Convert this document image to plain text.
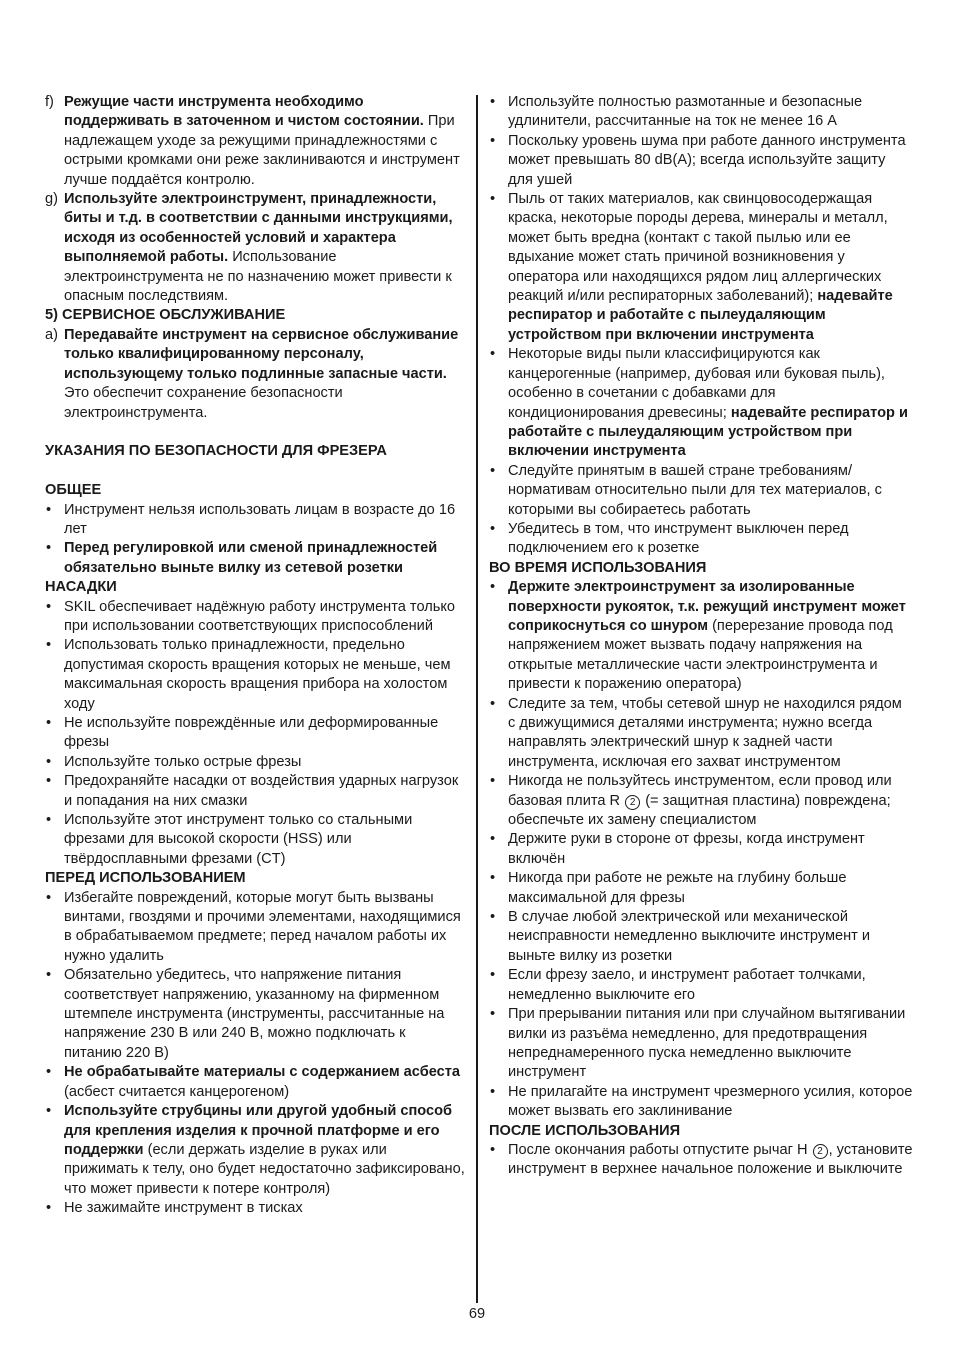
f) Режущие части инструмента необходимо поддерживать в заточенном и чистом состоянии. При надлежащем уходе за режущими принадлежностями с острыми кромками они реже заклиниваются и инструмент лучше поддаётся контролю.
g) Используйте электроинструмент, принадлежности, биты и т.д. в соответствии с данными инструкциями, исходя из особенностей условий и характера выполняемой работы. Использование электроинструмента не по назначению может привести к опасным последствиям.
5) СЕРВИСНОЕ ОБСЛУЖИВАНИЕ
a) Передавайте инструмент на сервисное обслуживание только квалифицированному персоналу, использующему только подлинные запасные части. Это обеспечит сохранение безопасности электроинструмента.
УКАЗАНИЯ ПО БЕЗОПАСНОСТИ ДЛЯ ФРЕЗЕРА
ОБЩЕЕ
• Инструмент нельзя использовать лицам в возрасте до 16 лет
• Перед регулировкой или сменой принадлежностей обязательно выньте вилку из сетевой розетки
НАСАДКИ
• SKIL обеспечивает надёжную работу инструмента только при использовании соответствующих приспособлений
• Использовать только принадлежности, предельно допустимая скорость вращения которых не меньше, чем максимальная скорость вращения прибора на холостом ходу
• Не используйте повреждённые или деформированные фрезы
• Используйте только острые фрезы
• Предохраняйте насадки от воздействия ударных нагрузок и попадания на них смазки
• Используйте этот инструмент только со стальными фрезами для высокой скорости (HSS) или твёрдосплавными фрезами (CT)
ПЕРЕД ИСПОЛЬЗОВАНИЕМ
• Избегайте повреждений, которые могут быть вызваны винтами, гвоздями и прочими элементами, находящимися в обрабатываемом предмете; перед началом работы их нужно удалить
• Обязательно убедитесь, что напряжение питания соответствует напряжению, указанному на фирменном штемпеле инструмента (инструменты, рассчитанные на напряжение 230 В или 240 В, можно подключать к питанию 220 В)
• Не обрабатывайте материалы с содержанием асбеста (асбест считается канцерогеном)
• Используйте струбцины или другой удобный способ для крепления изделия к прочной платформе и его поддержки (если держать изделие в руках или прижимать к телу, оно будет недостаточно зафиксировано, что может привести к потере контроля)
• Не зажимайте инструмент в тисках
• Используйте полностью размотанные и безопасные удлинители, рассчитанные на ток не менее 16 A
• Поскольку уровень шума при работе данного инструмента может превышать 80 dB(A); всегда используйте защиту для ушей
• Пыль от таких материалов, как свинцовосодержащая краска, некоторые породы дерева, минералы и металл, может быть вредна (контакт с такой пылью или ее вдыхание может стать причиной возникновения у оператора или находящихся рядом лиц аллергических реакций и/или респираторных заболеваний); надевайте респиратор и работайте с пылеудаляющим устройством при включении инструмента
• Некоторые виды пыли классифицируются как канцерогенные (например, дубовая или буковая пыль), особенно в сочетании с добавками для кондиционирования древесины; надевайте респиратор и работайте с пылеудаляющим устройством при включении инструмента
• Следуйте принятым в вашей стране требованиям/ нормативам относительно пыли для тех материалов, с которыми вы собираетесь работать
• Убедитесь в том, что инструмент выключен перед подключением его к розетке
ВО ВРЕМЯ ИСПОЛЬЗОВАНИЯ
• Держите электроинструмент за изолированные поверхности рукояток, т.к. режущий инструмент может соприкоснуться со шнуром (перерезание провода под напряжением может вызвать подачу напряжения на открытые металлические части электроинструмента и привести к поражению оператора)
• Следите за тем, чтобы сетевой шнур не находился рядом с движущимися деталями инструмента; нужно всегда направлять электрический шнур к задней части инструмента, исключая его захват инструментом
• Никогда не пользуйтесь инструментом, если провод или базовая плита R 2 (= защитная пластина) повреждена; обеспечьте их замену специалистом
• Держите руки в стороне от фрезы, когда инструмент включён
• Никогда при работе не режьте на глубину больше максимальной для фрезы
• В случае любой электрической или механической неисправности немедленно выключите инструмент и выньте вилку из розетки
• Если фрезу заело, и инструмент работает толчками, немедленно выключите его
• При прерывании питания или при случайном вытягивании вилки из разъёма немедленно, для предотвращения непреднамеренного пуска немедленно выключите инструмент
• Не прилагайте на инструмент чрезмерного усилия, которое может вызвать его заклинивание
ПОСЛЕ ИСПОЛЬЗОВАНИЯ
• После окончания работы отпустите рычаг H 2 , установите инструмент в верхнее начальное положение и выключите
69
